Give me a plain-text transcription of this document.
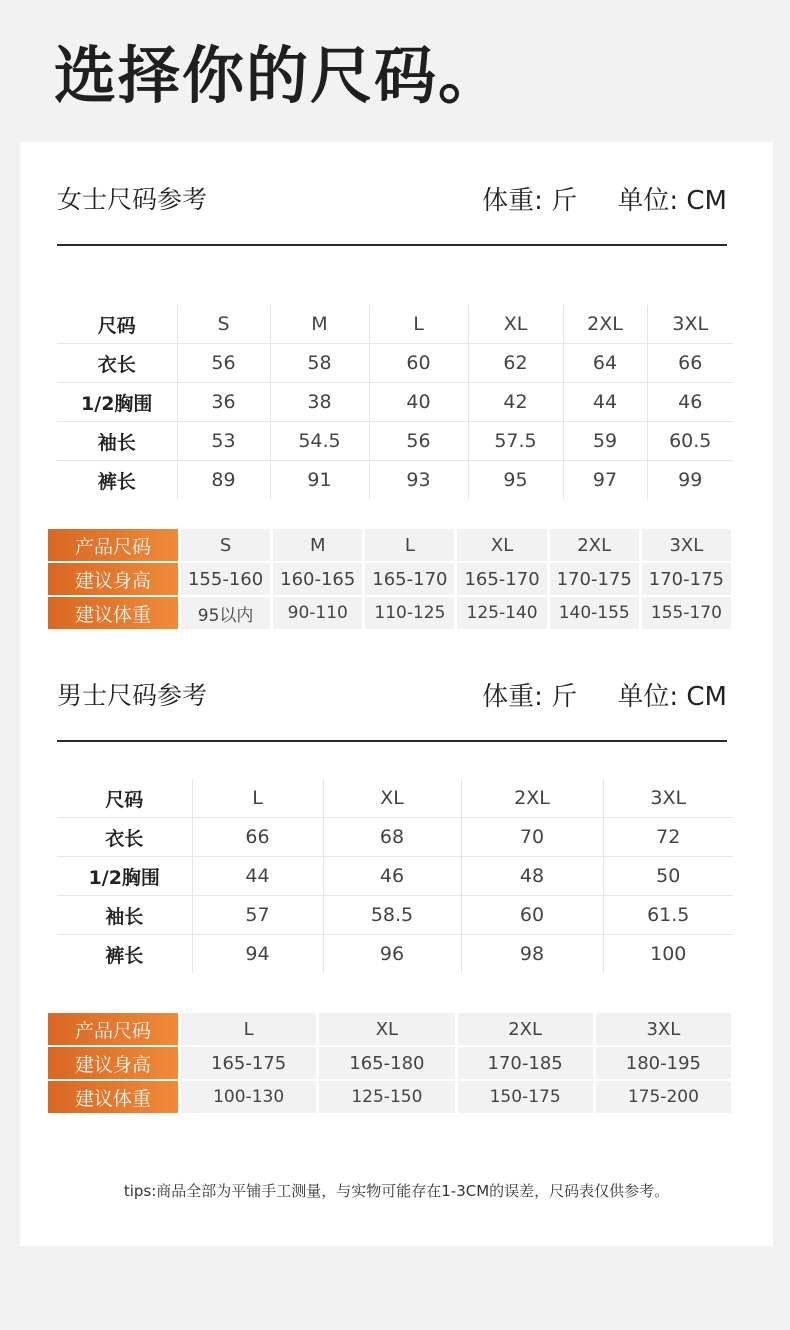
选择你的尺码。
女士尺码参考	体重: 斤 单位: CM
尺码	S	M	L	XL	2XL	3XL
衣长	56	58	60	62	64	66
1/2胸围	36	38	40	42	44	46
袖长	53	54.5	56	57.5	59	60.5
裤长	89	91	93	95	97	99
产品尺码	S	M	L	XL	2XL	3XL
建议身高	155-160	160-165	165-170	165-170	170-175	170-175
建议体重	95以内	90-110	110-125	125-140	140-155	155-170
男士尺码参考	体重: 斤 单位: CM
尺码	L	XL	2XL	3XL
衣长	66	68	70	72
1/2胸围	44	46	48	50
袖长	57	58.5	60	61.5
裤长	94	96	98	100
产品尺码	L	XL	2XL	3XL
建议身高	165-175	165-180	170-185	180-195
建议体重	100-130	125-150	150-175	175-200
tips:商品全部为平铺手工测量，与实物可能存在1-3CM的误差，尺码表仅供参考。
